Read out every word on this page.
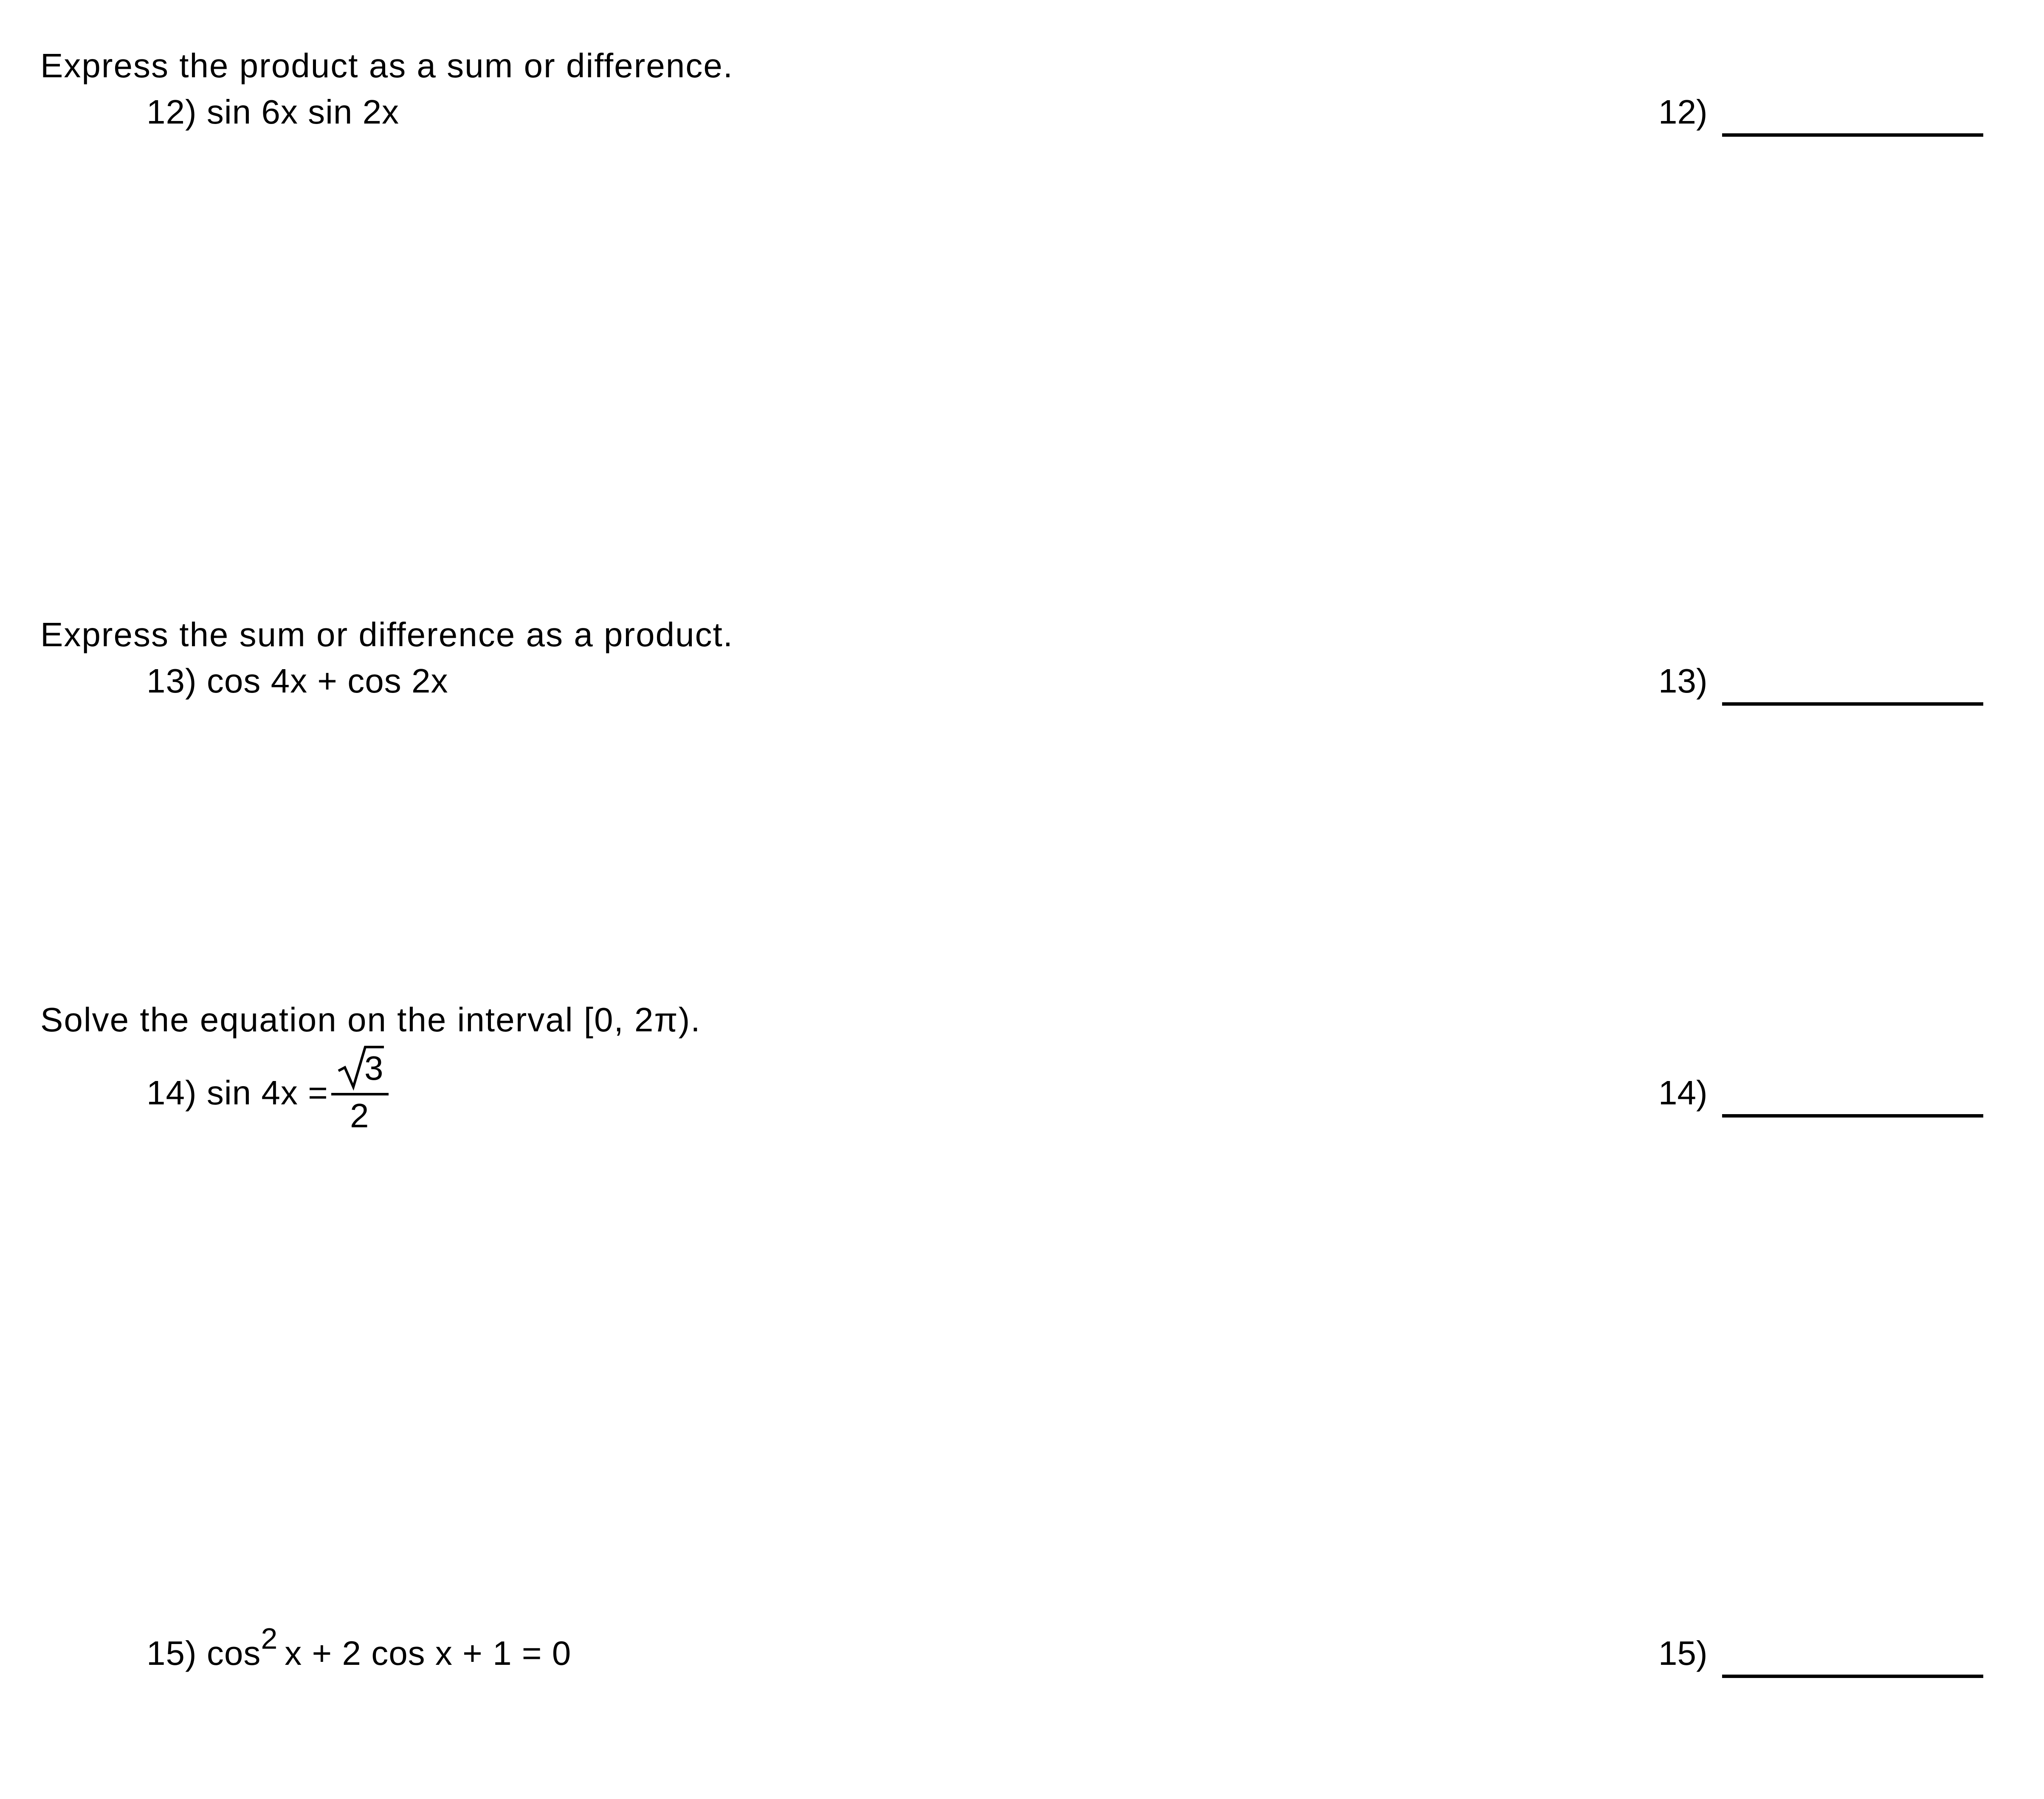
Express the product as a sum or difference.
12) sin 6x sin 2x	12)
Express the sum or difference as a product.
13) cos 4x + cos 2x	13)
Solve the equation on the interval [0, 2π).
14) sin 4x =
3
2
14)
15) cos2 x + 2 cos x + 1 = 0	15)
